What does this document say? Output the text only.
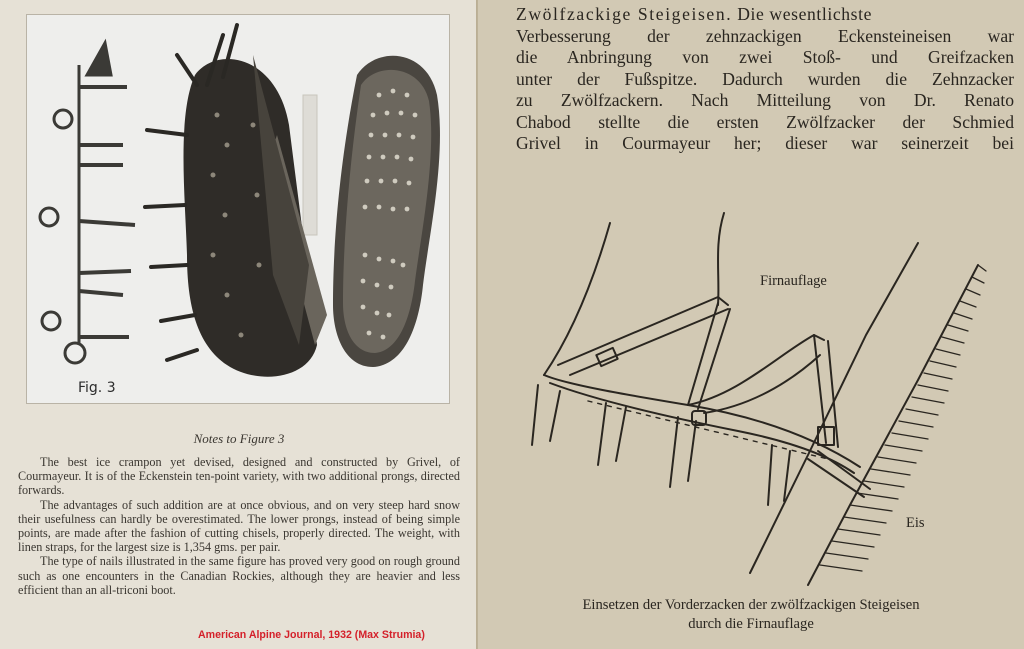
Fig. 3
Notes to Figure 3

The best ice crampon yet devised, designed and constructed by Grivel, of Courmayeur. It is of the Eckenstein ten-point variety, with two additional prongs, directed forwards.

The advantages of such addition are at once obvious, and on very steep hard snow their usefulness can hardly be overestimated. The lower prongs, instead of being simple points, are made after the fashion of cutting chisels, properly directed. The weight, with linen straps, for the largest size is 1,354 gms. per pair.

The type of nails illustrated in the same figure has proved very good on rough ground such as one encounters in the Canadian Rockies, although they are heavier and less efficient than an all-triconi boot.

American Alpine Journal, 1932 (Max Strumia)
Zwölfzackige Steigeisen. Die wesentlichste
Verbesserung der zehnzackigen Eckensteineisen war
die Anbringung von zwei Stoß- und Greifzacken
unter der Fußspitze. Dadurch wurden die Zehnzacker
zu Zwölfzackern. Nach Mitteilung von Dr. Renato
Chabod stellte die ersten Zwölfzacker der Schmied
Grivel in Courmayeur her; dieser war seinerzeit bei
Firnauflage
Eis
Einsetzen der Vorderzacken der zwölfzackigen Steigeisen
durch die Firnauflage
